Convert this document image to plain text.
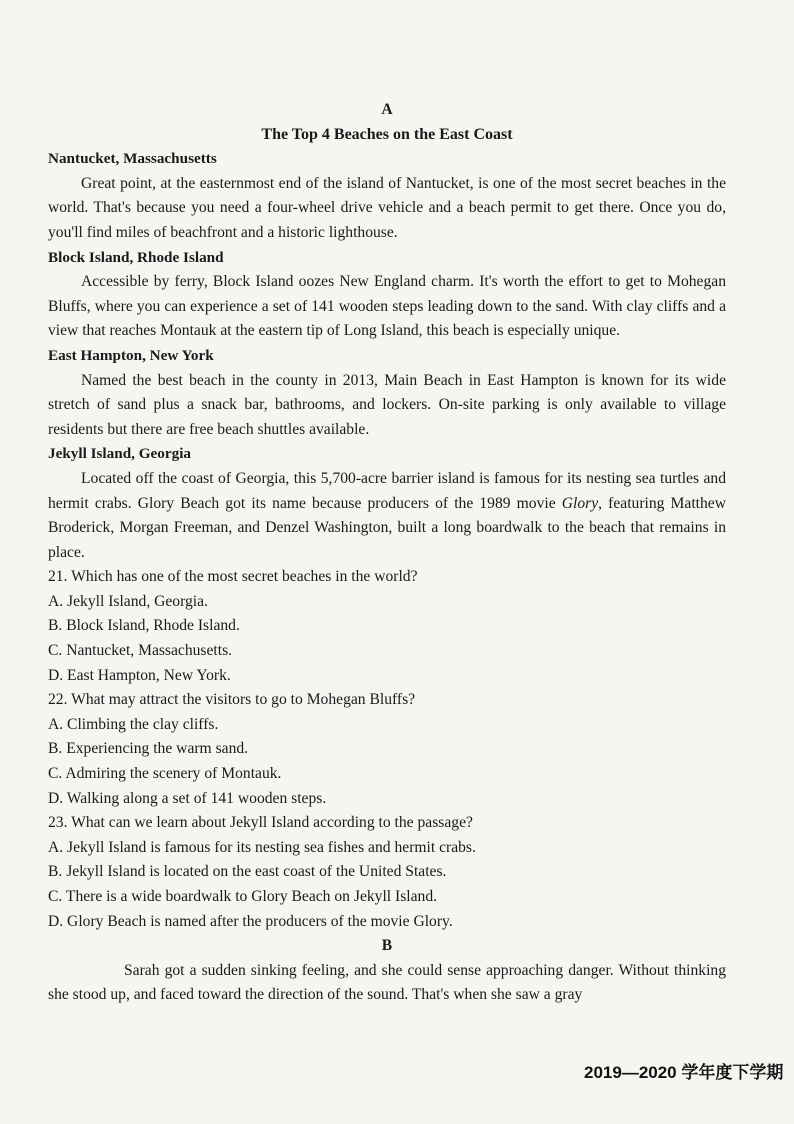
A

The Top 4 Beaches on the East Coast

Nantucket, Massachusetts

Great point, at the easternmost end of the island of Nantucket, is one of the most secret beaches in the world. That's because you need a four-wheel drive vehicle and a beach permit to get there. Once you do, you'll find miles of beachfront and a historic lighthouse.

Block Island, Rhode Island

Accessible by ferry, Block Island oozes New England charm. It's worth the effort to get to Mohegan Bluffs, where you can experience a set of 141 wooden steps leading down to the sand. With clay cliffs and a view that reaches Montauk at the eastern tip of Long Island, this beach is especially unique.

East Hampton, New York

Named the best beach in the county in 2013, Main Beach in East Hampton is known for its wide stretch of sand plus a snack bar, bathrooms, and lockers. On-site parking is only available to village residents but there are free beach shuttles available.

Jekyll Island, Georgia

Located off the coast of Georgia, this 5,700-acre barrier island is famous for its nesting sea turtles and hermit crabs. Glory Beach got its name because producers of the 1989 movie Glory, featuring Matthew Broderick, Morgan Freeman, and Denzel Washington, built a long boardwalk to the beach that remains in place.

21. Which has one of the most secret beaches in the world?

A. Jekyll Island, Georgia.

B. Block Island, Rhode Island.

C. Nantucket, Massachusetts.

D. East Hampton, New York.

22. What may attract the visitors to go to Mohegan Bluffs?

A. Climbing the clay cliffs.

B. Experiencing the warm sand.

C. Admiring the scenery of Montauk.

D. Walking along a set of 141 wooden steps.

23. What can we learn about Jekyll Island according to the passage?

A. Jekyll Island is famous for its nesting sea fishes and hermit crabs.

B. Jekyll Island is located on the east coast of the United States.

C. There is a wide boardwalk to Glory Beach on Jekyll Island.

D. Glory Beach is named after the producers of the movie Glory.

B

Sarah got a sudden sinking feeling, and she could sense approaching danger. Without thinking she stood up, and faced toward the direction of the sound. That's when she saw a gray

2019—2020 学年度下学期
